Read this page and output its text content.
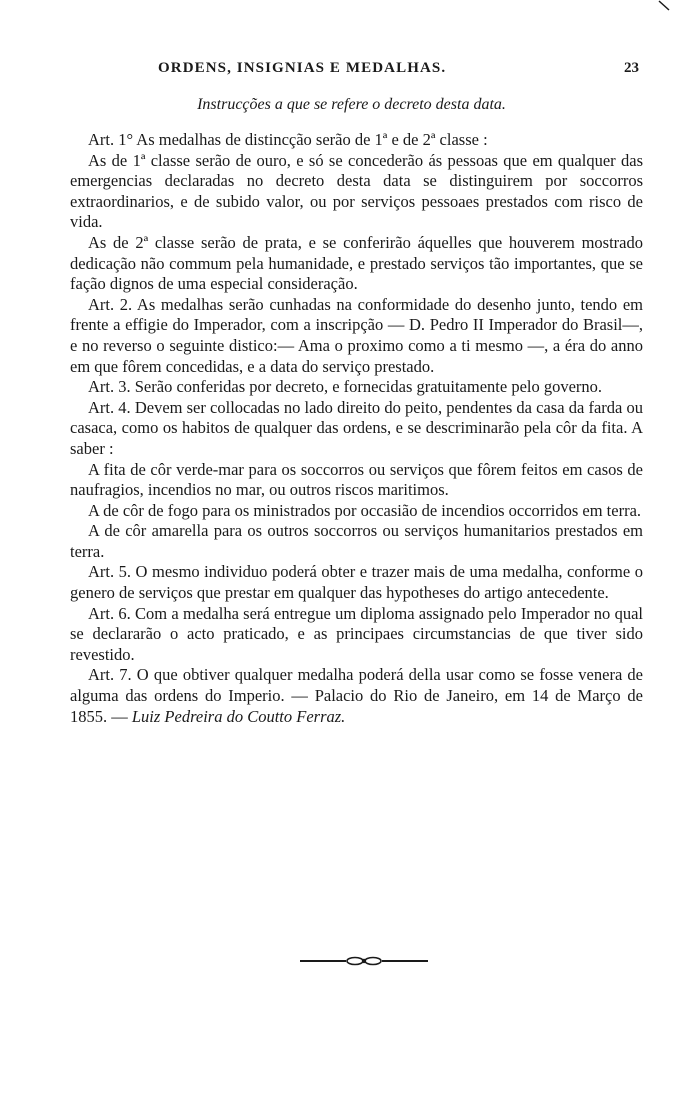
ORDENS, INSIGNIAS E MEDALHAS.	23
Instrucções a que se refere o decreto desta data.

Art. 1° As medalhas de distincção serão de 1ª e de 2ª classe :

As de 1ª classe serão de ouro, e só se concederão ás pessoas que em qualquer das emergencias declaradas no decreto desta data se distinguirem por soccorros extraordinarios, e de subido valor, ou por serviços pessoaes prestados com risco de vida.

As de 2ª classe serão de prata, e se conferirão áquelles que houverem mostrado dedicação não commum pela humanidade, e prestado serviços tão importantes, que se fação dignos de uma especial consideração.

Art. 2. As medalhas serão cunhadas na conformidade do desenho junto, tendo em frente a effigie do Imperador, com a inscripção — D. Pedro II Imperador do Brasil—, e no reverso o seguinte distico:— Ama o proximo como a ti mesmo —, a éra do anno em que fôrem concedidas, e a data do serviço prestado.

Art. 3. Serão conferidas por decreto, e fornecidas gratuitamente pelo governo.

Art. 4. Devem ser collocadas no lado direito do peito, pendentes da casa da farda ou casaca, como os habitos de qualquer das ordens, e se descriminarão pela côr da fita. A saber :

A fita de côr verde-mar para os soccorros ou serviços que fôrem feitos em casos de naufragios, incendios no mar, ou outros riscos maritimos.

A de côr de fogo para os ministrados por occasião de incendios occorridos em terra.

A de côr amarella para os outros soccorros ou serviços humanitarios prestados em terra.

Art. 5. O mesmo individuo poderá obter e trazer mais de uma medalha, conforme o genero de serviços que prestar em qualquer das hypotheses do artigo antecedente.

Art. 6. Com a medalha será entregue um diploma assignado pelo Imperador no qual se declararão o acto praticado, e as principaes circumstancias de que tiver sido revestido.

Art. 7. O que obtiver qualquer medalha poderá della usar como se fosse venera de alguma das ordens do Imperio. — Palacio do Rio de Janeiro, em 14 de Março de 1855. — Luiz Pedreira do Coutto Ferraz.
